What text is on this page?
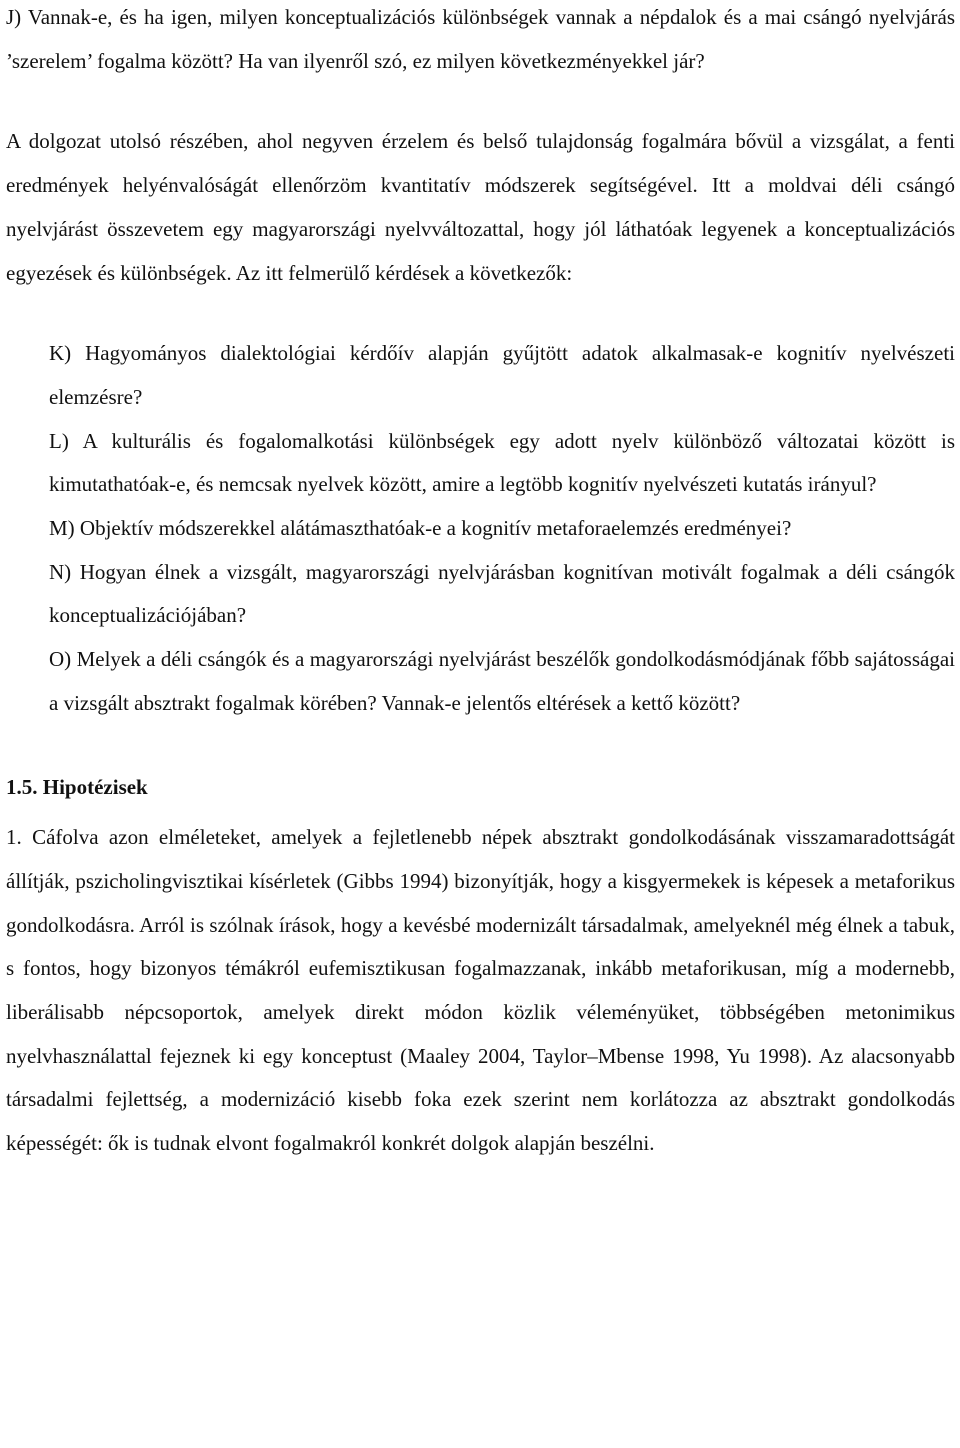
J) Vannak-e, és ha igen, milyen konceptualizációs különbségek vannak a népdalok és a mai csángó nyelvjárás ’szerelem’ fogalma között? Ha van ilyenről szó, ez milyen következményekkel jár?

A dolgozat utolsó részében, ahol negyven érzelem és belső tulajdonság fogalmára bővül a vizsgálat, a fenti eredmények helyénvalóságát ellenőrzöm kvantitatív módszerek segítségével. Itt a moldvai déli csángó nyelvjárást összevetem egy magyarországi nyelvváltozattal, hogy jól láthatóak legyenek a konceptualizációs egyezések és különbségek. Az itt felmerülő kérdések a következők:

K) Hagyományos dialektológiai kérdőív alapján gyűjtött adatok alkalmasak-e kognitív nyelvészeti elemzésre?

L) A kulturális és fogalomalkotási különbségek egy adott nyelv különböző változatai között is kimutathatóak-e, és nemcsak nyelvek között, amire a legtöbb kognitív nyelvészeti kutatás irányul?

M) Objektív módszerekkel alátámaszthatóak-e a kognitív metaforaelemzés eredményei?

N) Hogyan élnek a vizsgált, magyarországi nyelvjárásban kognitívan motivált fogalmak a déli csángók konceptualizációjában?

O) Melyek a déli csángók és a magyarországi nyelvjárást beszélők gondolkodásmódjának főbb sajátosságai a vizsgált absztrakt fogalmak körében? Vannak-e jelentős eltérések a kettő között?

1.5. Hipotézisek

1. Cáfolva azon elméleteket, amelyek a fejletlenebb népek absztrakt gondolkodásának visszamaradottságát állítják, pszicholingvisztikai kísérletek (Gibbs 1994) bizonyítják, hogy a kisgyermekek is képesek a metaforikus gondolkodásra. Arról is szólnak írások, hogy a kevésbé modernizált társadalmak, amelyeknél még élnek a tabuk, s fontos, hogy bizonyos témákról eufemisztikusan fogalmazzanak, inkább metaforikusan, míg a modernebb, liberálisabb népcsoportok, amelyek direkt módon közlik véleményüket, többségében metonimikus nyelvhasználattal fejeznek ki egy konceptust (Maaley 2004, Taylor–Mbense 1998, Yu 1998). Az alacsonyabb társadalmi fejlettség, a modernizáció kisebb foka ezek szerint nem korlátozza az absztrakt gondolkodás képességét: ők is tudnak elvont fogalmakról konkrét dolgok alapján beszélni.
